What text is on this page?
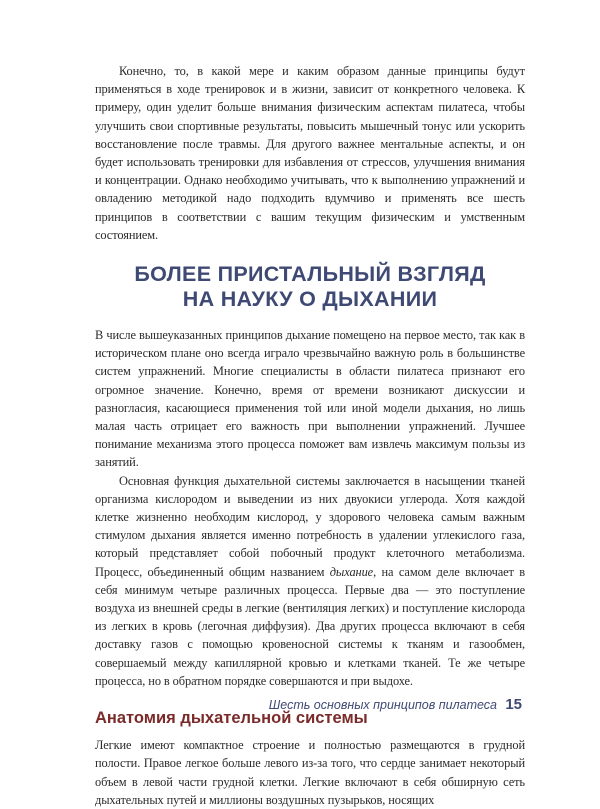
Конечно, то, в какой мере и каким образом данные принципы будут применяться в ходе тренировок и в жизни, зависит от конкретного человека. К примеру, один уделит больше внимания физическим аспектам пилатеса, чтобы улучшить свои спортивные результаты, повысить мышечный тонус или ускорить восстановление после травмы. Для другого важнее ментальные аспекты, и он будет использовать тренировки для избавления от стрессов, улучшения внимания и концентрации. Однако необходимо учитывать, что к выполнению упражнений и овладению методикой надо подходить вдумчиво и применять все шесть принципов в соответствии с вашим текущим физическим и умственным состоянием.

БОЛЕЕ ПРИСТАЛЬНЫЙ ВЗГЛЯД
НА НАУКУ О ДЫХАНИИ

В числе вышеуказанных принципов дыхание помещено на первое место, так как в историческом плане оно всегда играло чрезвычайно важную роль в большинстве систем упражнений. Многие специалисты в области пилатеса признают его огромное значение. Конечно, время от времени возникают дискуссии и разногласия, касающиеся применения той или иной модели дыхания, но лишь малая часть отрицает его важность при выполнении упражнений. Лучшее понимание механизма этого процесса поможет вам извлечь максимум пользы из занятий.

Основная функция дыхательной системы заключается в насыщении тканей организма кислородом и выведении из них двуокиси углерода. Хотя каждой клетке жизненно необходим кислород, у здорового человека самым важным стимулом дыхания является именно потребность в удалении углекислого газа, который представляет собой побочный продукт клеточного метаболизма. Процесс, объединенный общим названием дыхание, на самом деле включает в себя минимум четыре различных процесса. Первые два — это поступление воздуха из внешней среды в легкие (вентиляция легких) и поступление кислорода из легких в кровь (легочная диффузия). Два других процесса включают в себя доставку газов с помощью кровеносной системы к тканям и газообмен, совершаемый между капиллярной кровью и клетками тканей. Те же четыре процесса, но в обратном порядке совершаются и при выдохе.

Анатомия дыхательной системы

Легкие имеют компактное строение и полностью размещаются в грудной полости. Правое легкое больше левого из-за того, что сердце занимает некоторый объем в левой части грудной клетки. Легкие включают в себя обширную сеть дыхательных путей и миллионы воздушных пузырьков, носящих

Шесть основных принципов пилатеса 15
